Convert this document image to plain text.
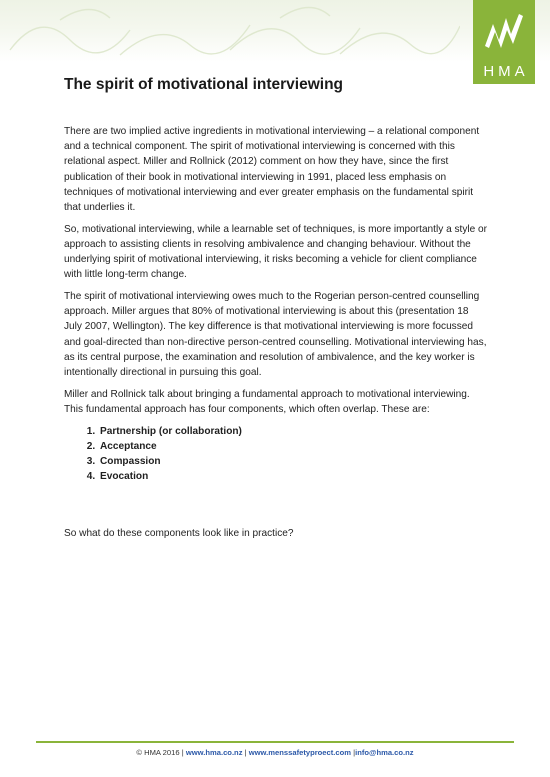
HMA
The spirit of motivational interviewing

There are two implied active ingredients in motivational interviewing – a relational component and a technical component. The spirit of motivational interviewing is concerned with this relational aspect. Miller and Rollnick (2012) comment on how they have, since the first publication of their book in motivational interviewing in 1991, placed less emphasis on techniques of motivational interviewing and ever greater emphasis on the fundamental spirit that underlies it.

So, motivational interviewing, while a learnable set of techniques, is more importantly a style or approach to assisting clients in resolving ambivalence and changing behaviour. Without the underlying spirit of motivational interviewing, it risks becoming a vehicle for client compliance with little long-term change.

The spirit of motivational interviewing owes much to the Rogerian person-centred counselling approach. Miller argues that 80% of motivational interviewing is about this (presentation 18 July 2007, Wellington). The key difference is that motivational interviewing is more focussed and goal-directed than non-directive person-centred counselling. Motivational interviewing has, as its central purpose, the examination and resolution of ambivalence, and the key worker is intentionally directional in pursuing this goal.

Miller and Rollnick talk about bringing a fundamental approach to motivational interviewing. This fundamental approach has four components, which often overlap. These are:

1. Partnership (or collaboration)
2. Acceptance
3. Compassion
4. Evocation

So what do these components look like in practice?

© HMA 2016 | www.hma.co.nz | www.menssafetyproect.com |info@hma.co.nz
